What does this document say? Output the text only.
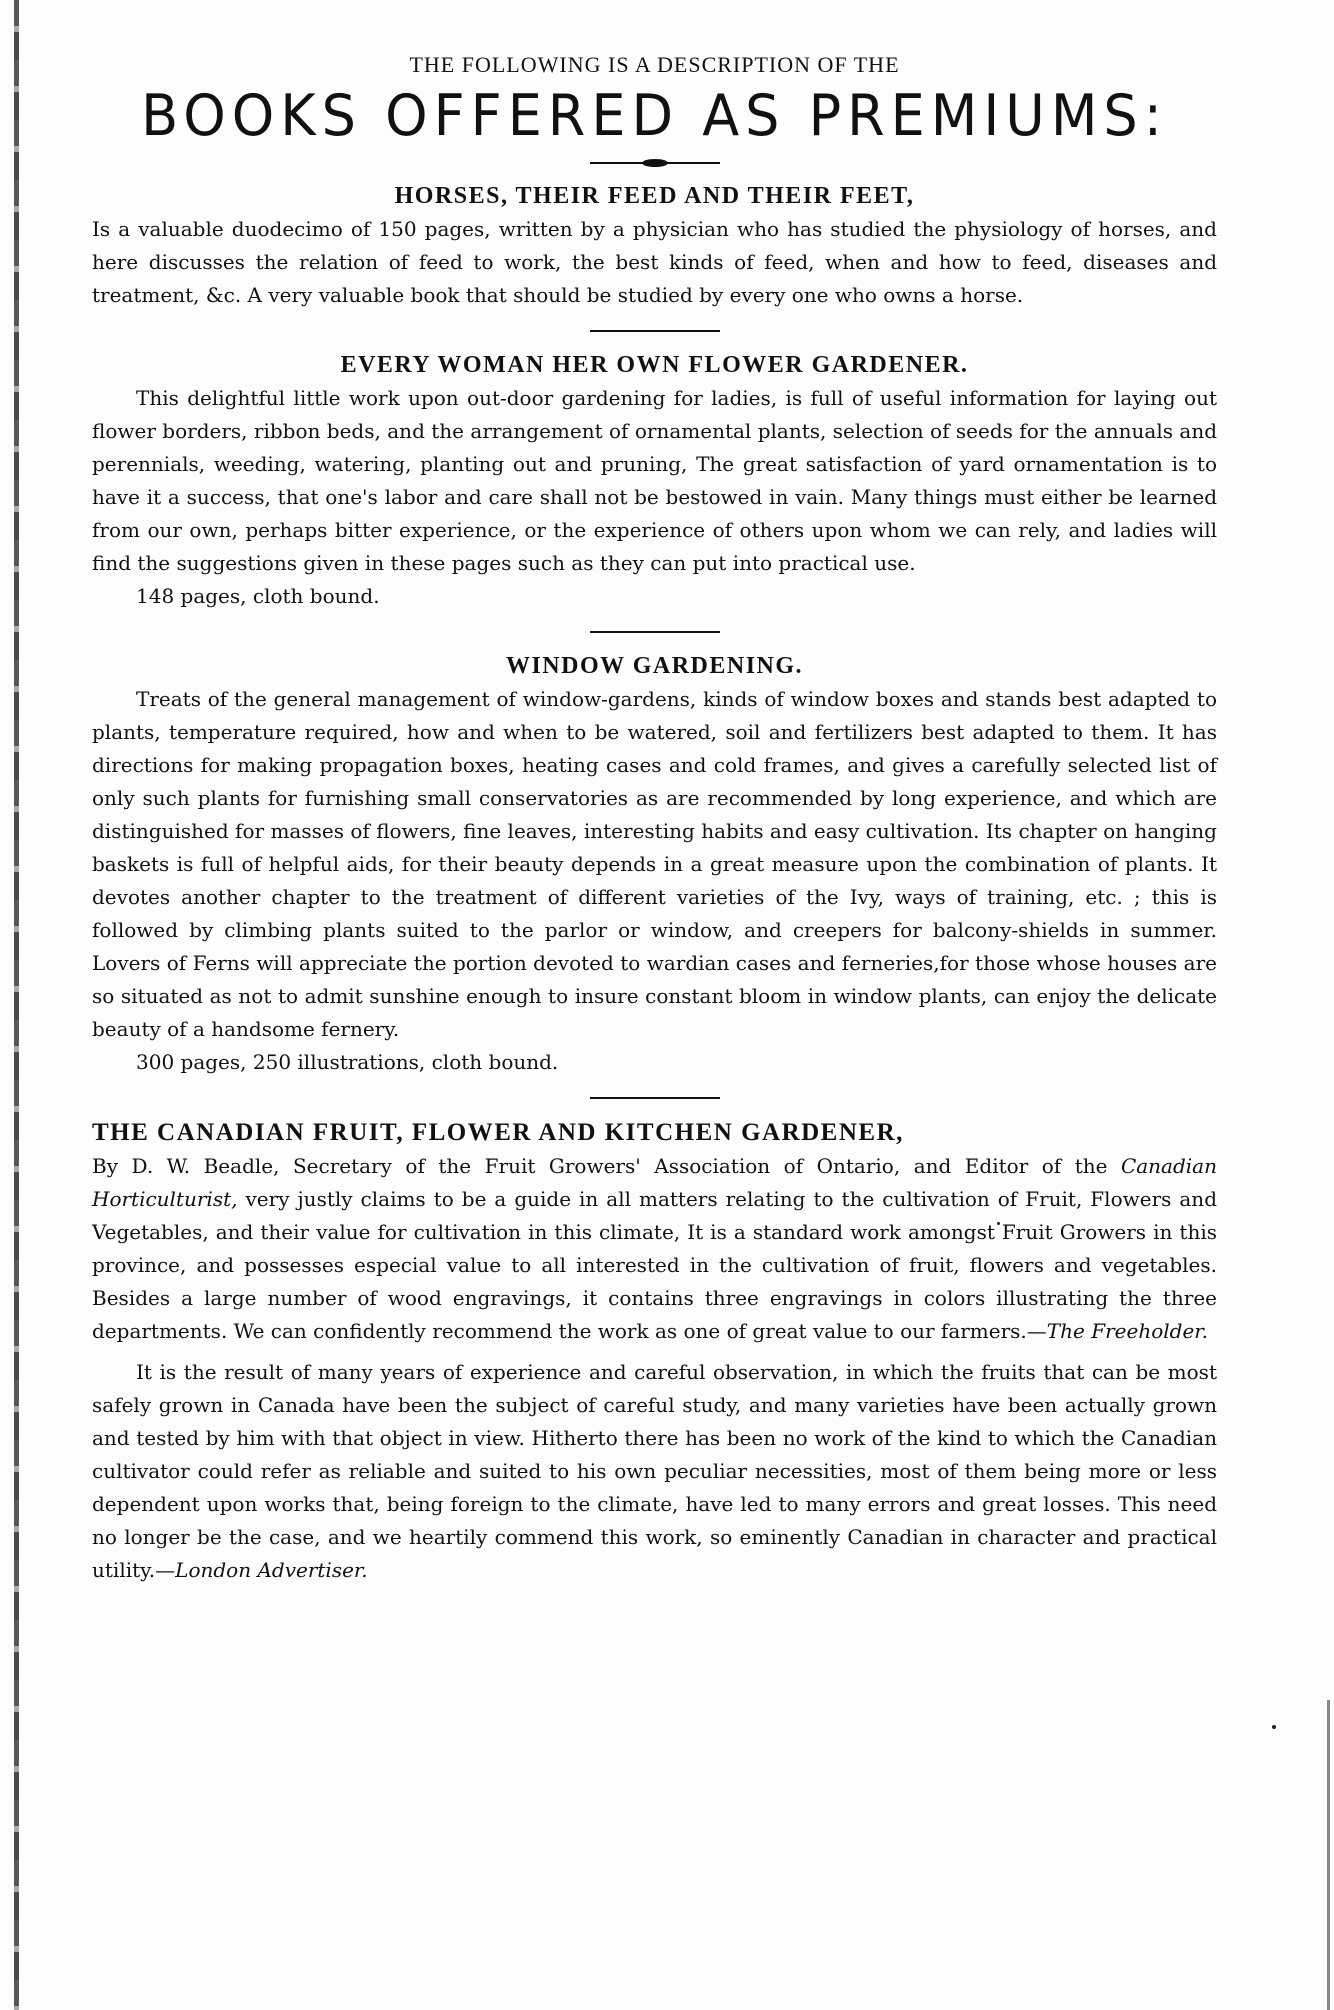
THE FOLLOWING IS A DESCRIPTION OF THE

BOOKS OFFERED AS PREMIUMS:
HORSES, THEIR FEED AND THEIR FEET,

Is a valuable duodecimo of 150 pages, written by a physician who has studied the physiology of horses, and here discusses the relation of feed to work, the best kinds of feed, when and how to feed, diseases and treatment, &c. A very valuable book that should be studied by every one who owns a horse.

EVERY WOMAN HER OWN FLOWER GARDENER.

This delightful little work upon out-door gardening for ladies, is full of useful information for laying out flower borders, ribbon beds, and the arrangement of ornamental plants, selection of seeds for the annuals and perennials, weeding, watering, planting out and pruning, The great satisfaction of yard ornamentation is to have it a success, that one's labor and care shall not be bestowed in vain. Many things must either be learned from our own, perhaps bitter experience, or the experience of others upon whom we can rely, and ladies will find the suggestions given in these pages such as they can put into practical use.

148 pages, cloth bound.

WINDOW GARDENING.

Treats of the general management of window-gardens, kinds of window boxes and stands best adapted to plants, temperature required, how and when to be watered, soil and fertilizers best adapted to them. It has directions for making propagation boxes, heating cases and cold frames, and gives a carefully selected list of only such plants for furnishing small conservatories as are recommended by long experience, and which are distinguished for masses of flowers, fine leaves, interesting habits and easy cultivation. Its chapter on hanging baskets is full of helpful aids, for their beauty depends in a great measure upon the combination of plants. It devotes another chapter to the treatment of different varieties of the Ivy, ways of training, etc. ; this is followed by climbing plants suited to the parlor or window, and creepers for balcony-shields in summer. Lovers of Ferns will appreciate the portion devoted to wardian cases and ferneries,for those whose houses are so situated as not to admit sunshine enough to insure constant bloom in window plants, can enjoy the delicate beauty of a handsome fernery.

300 pages, 250 illustrations, cloth bound.

THE CANADIAN FRUIT, FLOWER AND KITCHEN GARDENER,

By D. W. Beadle, Secretary of the Fruit Growers' Association of Ontario, and Editor of the Canadian Horticulturist, very justly claims to be a guide in all matters relating to the cultivation of Fruit, Flowers and Vegetables, and their value for cultivation in this climate, It is a standard work amongst Fruit Growers in this province, and possesses especial value to all interested in the cultivation of fruit, flowers and vegetables. Besides a large number of wood engravings, it contains three engravings in colors illustrating the three departments. We can confidently recommend the work as one of great value to our farmers.—The Freeholder.

It is the result of many years of experience and careful observation, in which the fruits that can be most safely grown in Canada have been the subject of careful study, and many varieties have been actually grown and tested by him with that object in view. Hitherto there has been no work of the kind to which the Canadian cultivator could refer as reliable and suited to his own peculiar necessities, most of them being more or less dependent upon works that, being foreign to the climate, have led to many errors and great losses. This need no longer be the case, and we heartily commend this work, so eminently Canadian in character and practical utility.—London Advertiser.
